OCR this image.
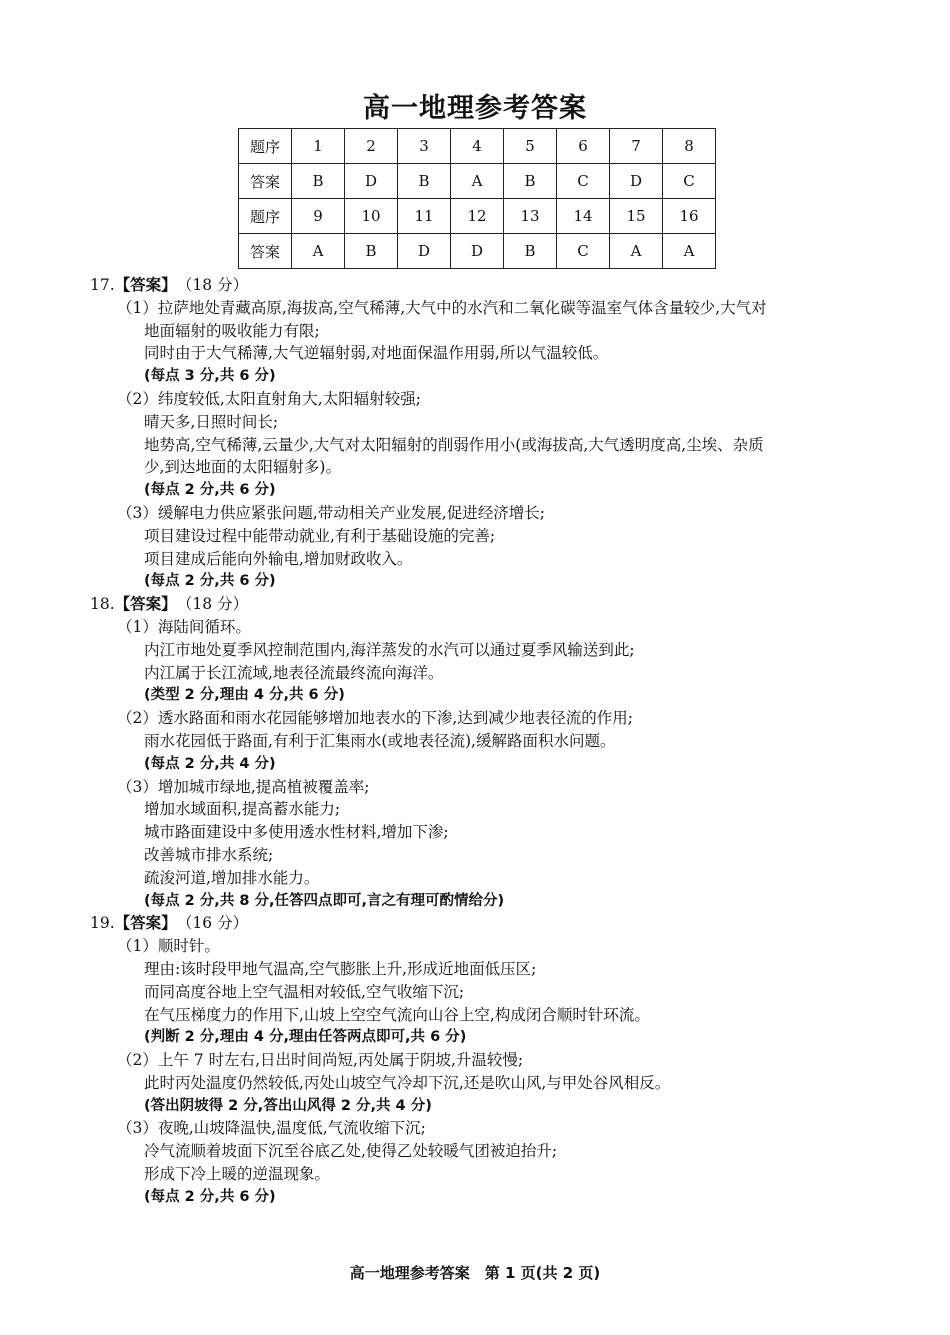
高一地理参考答案
题序	1	2	3	4	5	6	7	8
答案	B	D	B	A	B	C	D	C
题序	9	10	11	12	13	14	15	16
答案	A	B	D	D	B	C	A	A
17.【答案】 （18 分）
（1）拉萨地处青藏高原,海拔高,空气稀薄,大气中的水汽和二氧化碳等温室气体含量较少,大气对
地面辐射的吸收能力有限;
同时由于大气稀薄,大气逆辐射弱,对地面保温作用弱,所以气温较低。
(每点 3 分,共 6 分)
（2）纬度较低,太阳直射角大,太阳辐射较强;
晴天多,日照时间长;
地势高,空气稀薄,云量少,大气对太阳辐射的削弱作用小(或海拔高,大气透明度高,尘埃、杂质
少,到达地面的太阳辐射多)。
(每点 2 分,共 6 分)
（3）缓解电力供应紧张问题,带动相关产业发展,促进经济增长;
项目建设过程中能带动就业,有利于基础设施的完善;
项目建成后能向外输电,增加财政收入。
(每点 2 分,共 6 分)
18.【答案】 （18 分）
（1）海陆间循环。
内江市地处夏季风控制范围内,海洋蒸发的水汽可以通过夏季风输送到此;
内江属于长江流域,地表径流最终流向海洋。
(类型 2 分,理由 4 分,共 6 分)
（2）透水路面和雨水花园能够增加地表水的下渗,达到减少地表径流的作用;
雨水花园低于路面,有利于汇集雨水(或地表径流),缓解路面积水问题。
(每点 2 分,共 4 分)
（3）增加城市绿地,提高植被覆盖率;
增加水域面积,提高蓄水能力;
城市路面建设中多使用透水性材料,增加下渗;
改善城市排水系统;
疏浚河道,增加排水能力。
(每点 2 分,共 8 分,任答四点即可,言之有理可酌情给分)
19.【答案】 （16 分）
（1）顺时针。
理由:该时段甲地气温高,空气膨胀上升,形成近地面低压区;
而同高度谷地上空气温相对较低,空气收缩下沉;
在气压梯度力的作用下,山坡上空空气流向山谷上空,构成闭合顺时针环流。
(判断 2 分,理由 4 分,理由任答两点即可,共 6 分)
（2）上午 7 时左右,日出时间尚短,丙处属于阴坡,升温较慢;
此时丙处温度仍然较低,丙处山坡空气冷却下沉,还是吹山风,与甲处谷风相反。
(答出阴坡得 2 分,答出山风得 2 分,共 4 分)
（3）夜晚,山坡降温快,温度低,气流收缩下沉;
冷气流顺着坡面下沉至谷底乙处,使得乙处较暖气团被迫抬升;
形成下冷上暖的逆温现象。
(每点 2 分,共 6 分)
高一地理参考答案　第 1 页(共 2 页)
